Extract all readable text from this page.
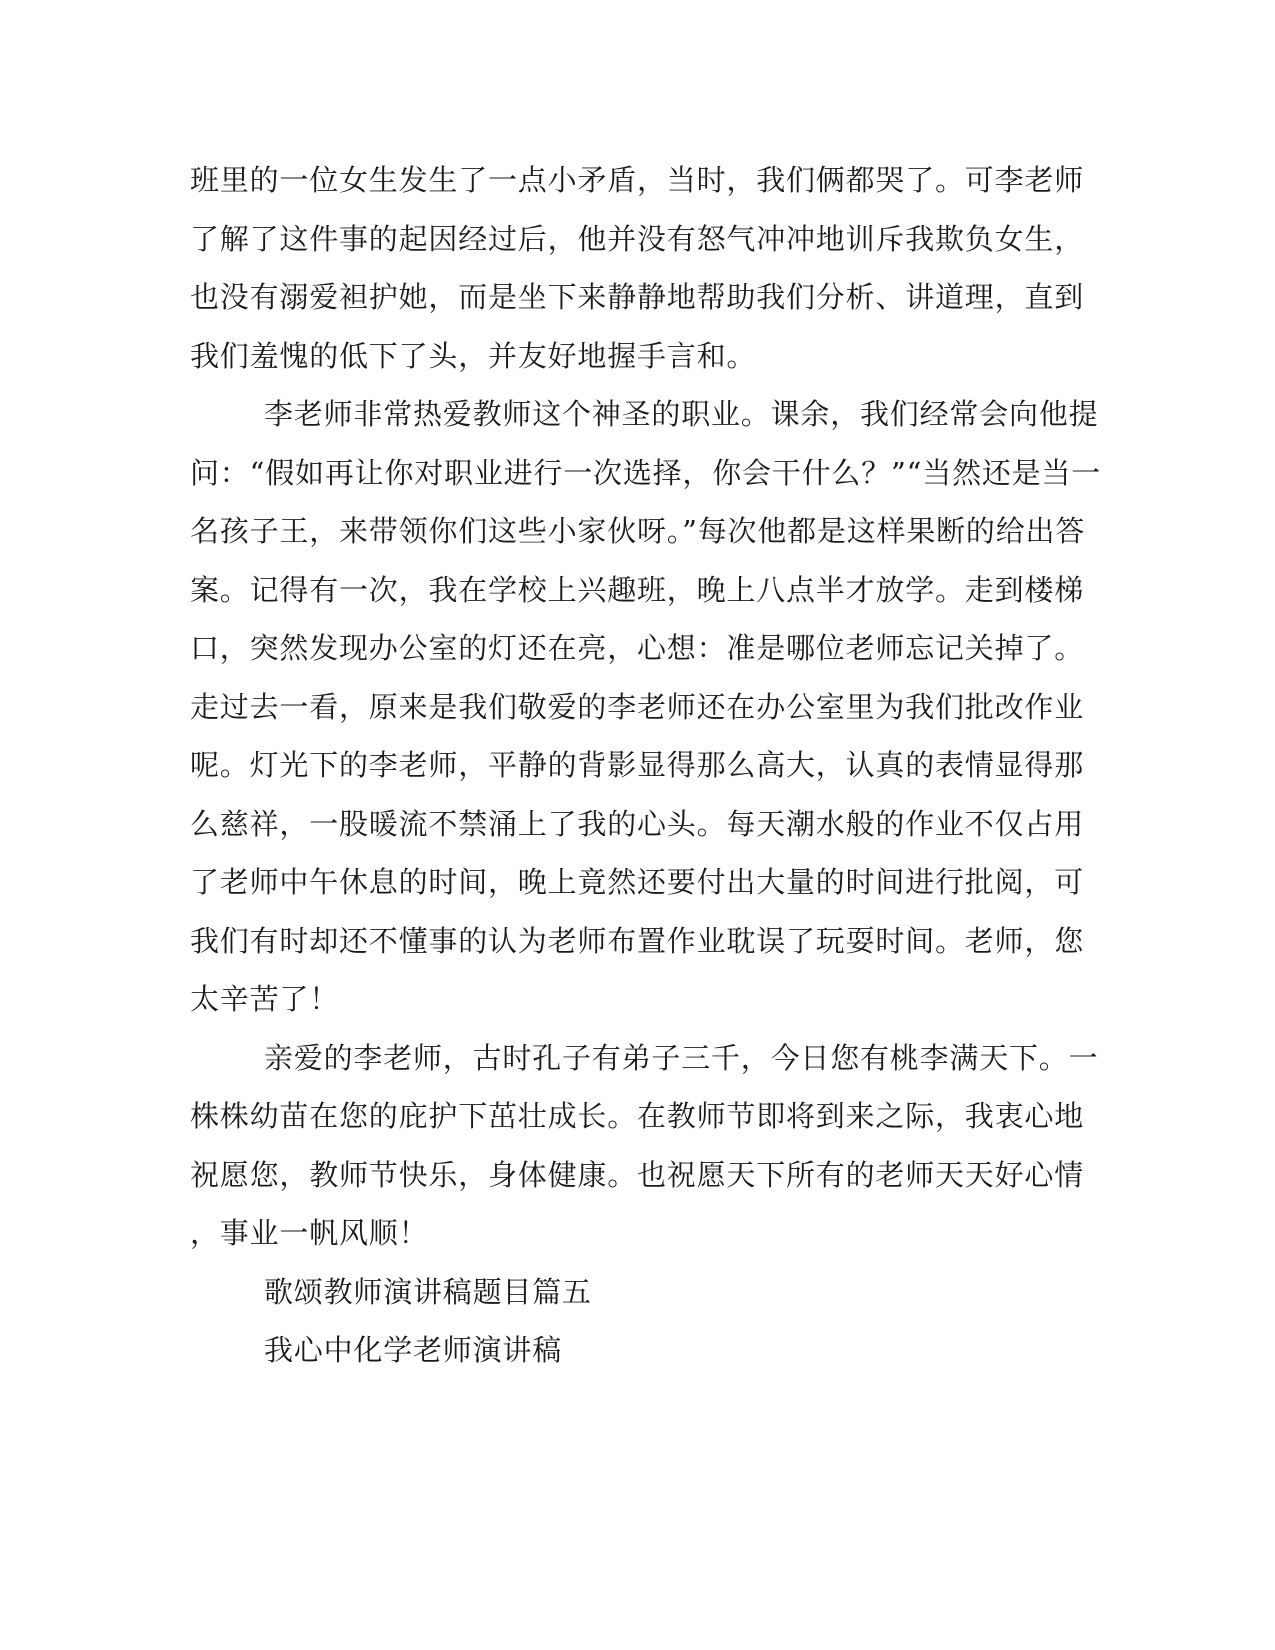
班里的一位女生发生了一点小矛盾，当时，我们俩都哭了。可李老师

了解了这件事的起因经过后，他并没有怒气冲冲地训斥我欺负女生，

也没有溺爱袒护她，而是坐下来静静地帮助我们分析、讲道理，直到

我们羞愧的低下了头，并友好地握手言和。

李老师非常热爱教师这个神圣的职业。课余，我们经常会向他提

问：“假如再让你对职业进行一次选择，你会干什么？”“当然还是当一

名孩子王，来带领你们这些小家伙呀。”每次他都是这样果断的给出答

案。记得有一次，我在学校上兴趣班，晚上八点半才放学。走到楼梯

口，突然发现办公室的灯还在亮，心想：准是哪位老师忘记关掉了。

走过去一看，原来是我们敬爱的李老师还在办公室里为我们批改作业

呢。灯光下的李老师，平静的背影显得那么高大，认真的表情显得那

么慈祥，一股暖流不禁涌上了我的心头。每天潮水般的作业不仅占用

了老师中午休息的时间，晚上竟然还要付出大量的时间进行批阅，可

我们有时却还不懂事的认为老师布置作业耽误了玩耍时间。老师，您

太辛苦了！

亲爱的李老师，古时孔子有弟子三千，今日您有桃李满天下。一

株株幼苗在您的庇护下茁壮成长。在教师节即将到来之际，我衷心地

祝愿您，教师节快乐，身体健康。也祝愿天下所有的老师天天好心情

，事业一帆风顺！

歌颂教师演讲稿题目篇五

我心中化学老师演讲稿
